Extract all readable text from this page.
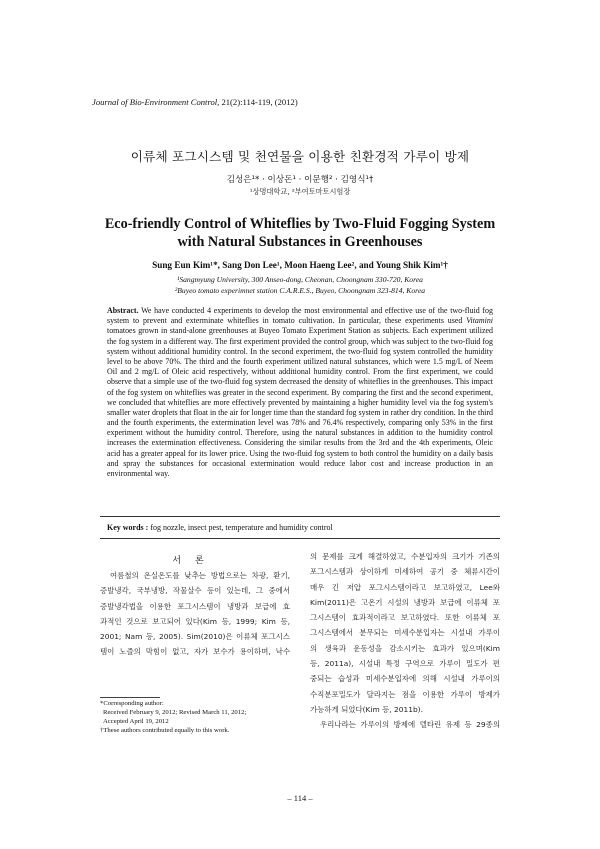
Journal of Bio-Environment Control, 21(2):114-119, (2012)
이류체 포그시스템 및 천연물을 이용한 친환경적 가루이 방제
김성은¹* · 이상돈¹ · 이문행² · 김영식¹†
¹상명대학교, ²부여토마토시험장
Eco-friendly Control of Whiteflies by Two-Fluid Fogging System
with Natural Substances in Greenhouses
Sung Eun Kim¹*, Sang Don Lee¹, Moon Haeng Lee², and Young Shik Kim¹†
¹Sangmyung University, 300 Anseo-dong, Cheonan, Choongnam 330-720, Korea
²Buyeo tomato experimnet station C.A.R.E.S., Buyeo, Choongnam 323-814, Korea
Abstract. We have conducted 4 experiments to develop the most environmental and effective use of the two-fluid fog system to prevent and exterminate whiteflies in tomato cultivation. In particular, these experiments used Vitamini tomatoes grown in stand-alone greenhouses at Buyeo Tomato Experiment Station as subjects. Each experiment utilized the fog system in a different way. The first experiment provided the control group, which was subject to the two-fluid fog system without additional humidity control. In the second experiment, the two-fluid fog system controlled the humidity level to be above 70%. The third and the fourth experiment utilized natural substances, which were 1.5 mg/L of Neem Oil and 2 mg/L of Oleic acid respectively, without additional humidity control. From the first experiment, we could observe that a simple use of the two-fluid fog system decreased the density of whiteflies in the greenhouses. This impact of the fog system on whiteflies was greater in the second experiment. By comparing the first and the second experiment, we concluded that whiteflies are more effectively prevented by maintaining a higher humidity level via the fog system's smaller water droplets that float in the air for longer time than the standard fog system in rather dry condition. In the third and the fourth experiments, the extermination level was 78% and 76.4% respectively, comparing only 53% in the first experiment without the humidity control. Therefore, using the natural substances in addition to the humidity control increases the extermination effectiveness. Considering the similar results from the 3rd and the 4th experiments, Oleic acid has a greater appeal for its lower price. Using the two-fluid fog system to both control the humidity on a daily basis and spray the substances for occasional extermination would reduce labor cost and increase production in an environmental way.
Key words : fog nozzle, insect pest, temperature and humidity control
서론
여름철의 온실온도를 낮추는 방법으로는 차광, 환기,
증발냉각, 국부냉방, 작물살수 등이 있는데, 그 중에서
증발냉각법을 이용한 포그시스템이 냉방과 보급에 효
과적인 것으로 보고되어 있다(Kim 등, 1999; Kim 등,
2001; Nam 등, 2005). Sim(2010)은 이류체 포그시스
템이 노즐의 막힘이 없고, 자가 보수가 용이하며, 낙수
*Corresponding author:
Received February 9, 2012; Revised March 11, 2012;
Accepted April 19, 2012
†These authors contributed equally to this work.
의 문제를 크게 해결하였고, 수분입자의 크기가 기존의
포그시스템과 상이하게 미세하여 공기 중 체류시간이
매우 긴 저압 포그시스템이라고 보고하였고, Lee와
Kim(2011)은 고온기 시설의 냉방과 보급에 이류체 포
그시스템이 효과적이라고 보고하였다. 또한 이류체 포
그시스템에서 분무되는 미세수분입자는 시설내 가루이
의 생육과 운동성을 감소시키는 효과가 있으며(Kim
등, 2011a), 시설내 특정 구역으로 가루이 밀도가 편
중되는 습성과 미세수분입자에 의해 시설내 가루이의
수직분포밀도가 달라지는 점을 이용한 가루이 방제가
가능하게 되었다(Kim 등, 2011b).
우리나라는 가루이의 방제에 델타린 유제 등 29종의
– 114 –
